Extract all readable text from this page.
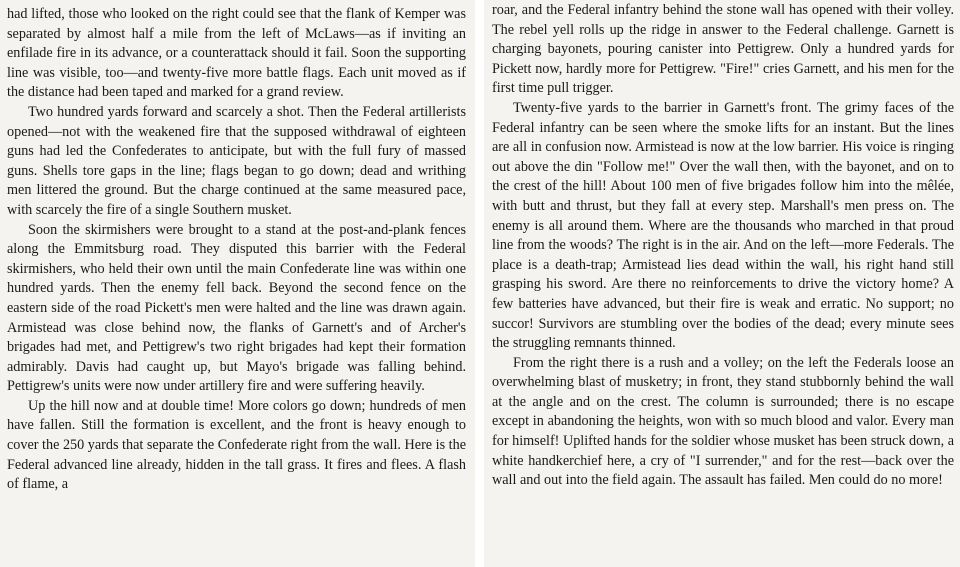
had lifted, those who looked on the right could see that the flank of Kemper was separated by almost half a mile from the left of McLaws—as if inviting an enfilade fire in its advance, or a counterattack should it fail. Soon the supporting line was visible, too—and twenty-five more battle flags. Each unit moved as if the distance had been taped and marked for a grand review.

Two hundred yards forward and scarcely a shot. Then the Federal artillerists opened—not with the weakened fire that the supposed withdrawal of eighteen guns had led the Confederates to anticipate, but with the full fury of massed guns. Shells tore gaps in the line; flags began to go down; dead and writhing men littered the ground. But the charge continued at the same measured pace, with scarcely the fire of a single Southern musket.

Soon the skirmishers were brought to a stand at the post-and-plank fences along the Emmitsburg road. They disputed this barrier with the Federal skirmishers, who held their own until the main Confederate line was within one hundred yards. Then the enemy fell back. Beyond the second fence on the eastern side of the road Pickett's men were halted and the line was drawn again. Armistead was close behind now, the flanks of Garnett's and of Archer's brigades had met, and Pettigrew's two right brigades had kept their formation admirably. Davis had caught up, but Mayo's brigade was falling behind. Pettigrew's units were now under artillery fire and were suffering heavily.

Up the hill now and at double time! More colors go down; hundreds of men have fallen. Still the formation is excellent, and the front is heavy enough to cover the 250 yards that separate the Confederate right from the wall. Here is the Federal advanced line already, hidden in the tall grass. It fires and flees. A flash of flame, a

roar, and the Federal infantry behind the stone wall has opened with their volley. The rebel yell rolls up the ridge in answer to the Federal challenge. Garnett is charging bayonets, pouring canister into Pettigrew. Only a hundred yards for Pickett now, hardly more for Pettigrew. "Fire!" cries Garnett, and his men for the first time pull trigger.

Twenty-five yards to the barrier in Garnett's front. The grimy faces of the Federal infantry can be seen where the smoke lifts for an instant. But the lines are all in confusion now. Armistead is now at the low barrier. His voice is ringing out above the din "Follow me!" Over the wall then, with the bayonet, and on to the crest of the hill! About 100 men of five brigades follow him into the mêlée, with butt and thrust, but they fall at every step. Marshall's men press on. The enemy is all around them. Where are the thousands who marched in that proud line from the woods? The right is in the air. And on the left—more Federals. The place is a death-trap; Armistead lies dead within the wall, his right hand still grasping his sword. Are there no reinforcements to drive the victory home? A few batteries have advanced, but their fire is weak and erratic. No support; no succor! Survivors are stumbling over the bodies of the dead; every minute sees the struggling remnants thinned.

From the right there is a rush and a volley; on the left the Federals loose an overwhelming blast of musketry; in front, they stand stubbornly behind the wall at the angle and on the crest. The column is surrounded; there is no escape except in abandoning the heights, won with so much blood and valor. Every man for himself! Uplifted hands for the soldier whose musket has been struck down, a white handkerchief here, a cry of "I surrender," and for the rest—back over the wall and out into the field again. The assault has failed. Men could do no more!
